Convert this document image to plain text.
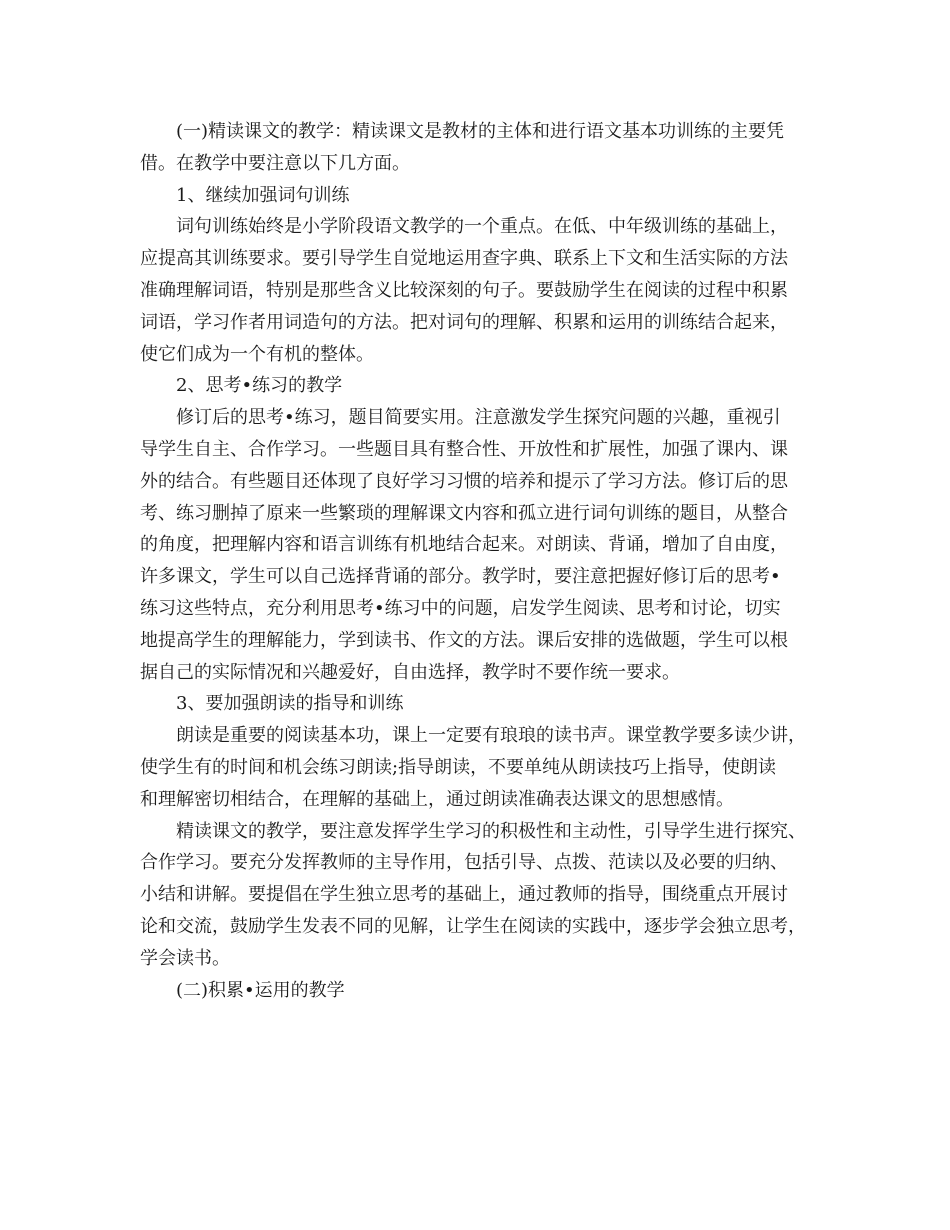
(一)精读课文的教学：精读课文是教材的主体和进行语文基本功训练的主要凭
借。在教学中要注意以下几方面。
1、继续加强词句训练
词句训练始终是小学阶段语文教学的一个重点。在低、中年级训练的基础上，
应提高其训练要求。要引导学生自觉地运用查字典、联系上下文和生活实际的方法
准确理解词语，特别是那些含义比较深刻的句子。要鼓励学生在阅读的过程中积累
词语，学习作者用词造句的方法。把对词句的理解、积累和运用的训练结合起来，
使它们成为一个有机的整体。
2、思考•练习的教学
修订后的思考•练习，题目简要实用。注意激发学生探究问题的兴趣，重视引
导学生自主、合作学习。一些题目具有整合性、开放性和扩展性，加强了课内、课
外的结合。有些题目还体现了良好学习习惯的培养和提示了学习方法。修订后的思
考、练习删掉了原来一些繁琐的理解课文内容和孤立进行词句训练的题目，从整合
的角度，把理解内容和语言训练有机地结合起来。对朗读、背诵，增加了自由度，
许多课文，学生可以自己选择背诵的部分。教学时，要注意把握好修订后的思考•
练习这些特点，充分利用思考•练习中的问题，启发学生阅读、思考和讨论，切实
地提高学生的理解能力，学到读书、作文的方法。课后安排的选做题，学生可以根
据自己的实际情况和兴趣爱好，自由选择，教学时不要作统一要求。
3、要加强朗读的指导和训练
朗读是重要的阅读基本功，课上一定要有琅琅的读书声。课堂教学要多读少讲，
使学生有的时间和机会练习朗读;指导朗读，不要单纯从朗读技巧上指导，使朗读
和理解密切相结合，在理解的基础上，通过朗读准确表达课文的思想感情。
精读课文的教学，要注意发挥学生学习的积极性和主动性，引导学生进行探究、
合作学习。要充分发挥教师的主导作用，包括引导、点拨、范读以及必要的归纳、
小结和讲解。要提倡在学生独立思考的基础上，通过教师的指导，围绕重点开展讨
论和交流，鼓励学生发表不同的见解，让学生在阅读的实践中，逐步学会独立思考，
学会读书。
(二)积累•运用的教学
